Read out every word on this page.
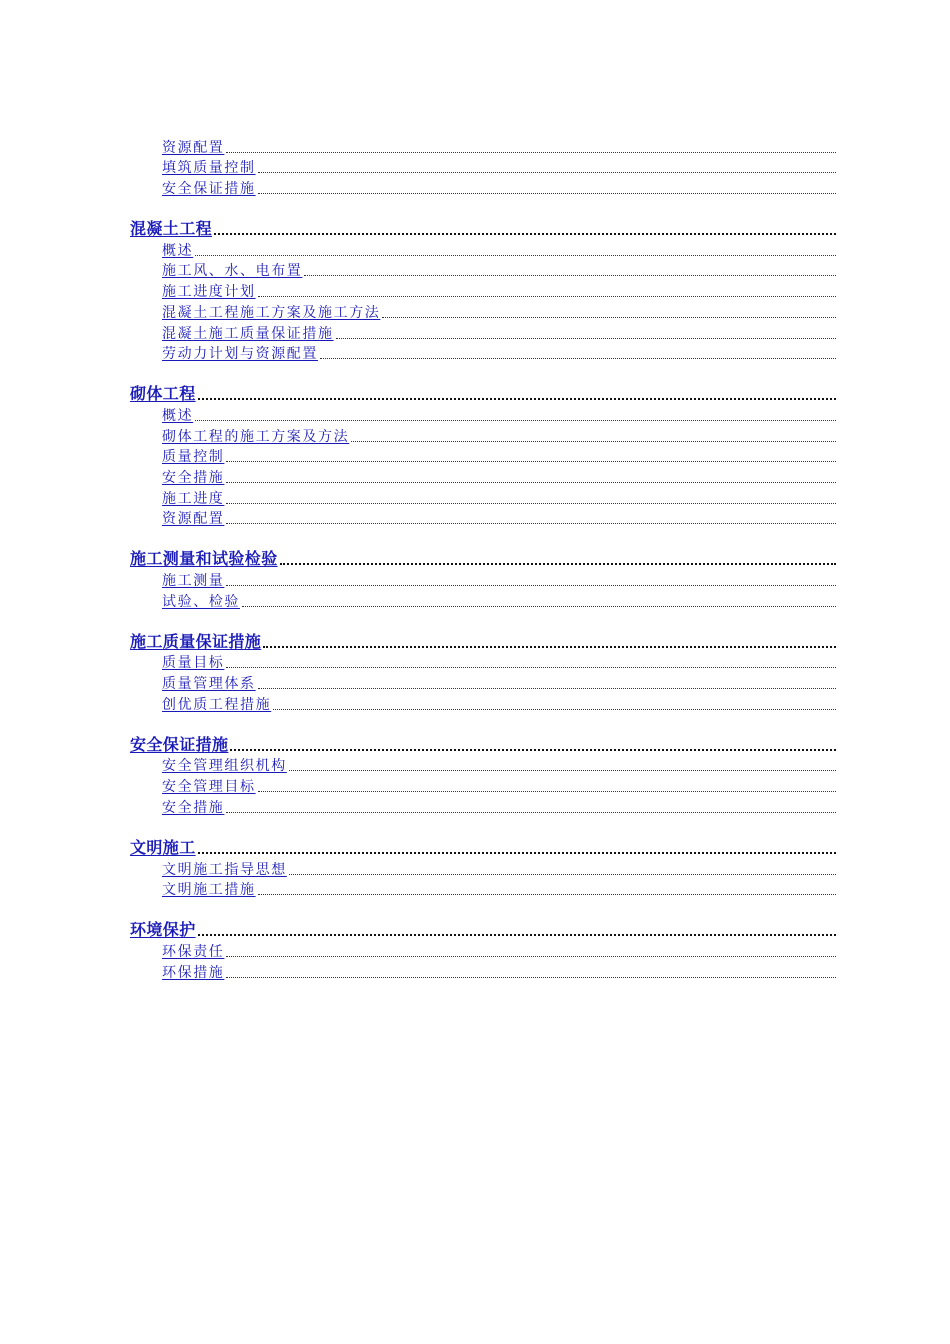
资源配置
填筑质量控制
安全保证措施
混凝土工程
概述
施工风、水、电布置
施工进度计划
混凝土工程施工方案及施工方法
混凝土施工质量保证措施
劳动力计划与资源配置
砌体工程
概述
砌体工程的施工方案及方法
质量控制
安全措施
施工进度
资源配置
施工测量和试验检验
施工测量
试验、检验
施工质量保证措施
质量目标
质量管理体系
创优质工程措施
安全保证措施
安全管理组织机构
安全管理目标
安全措施
文明施工
文明施工指导思想
文明施工措施
环境保护
环保责任
环保措施
